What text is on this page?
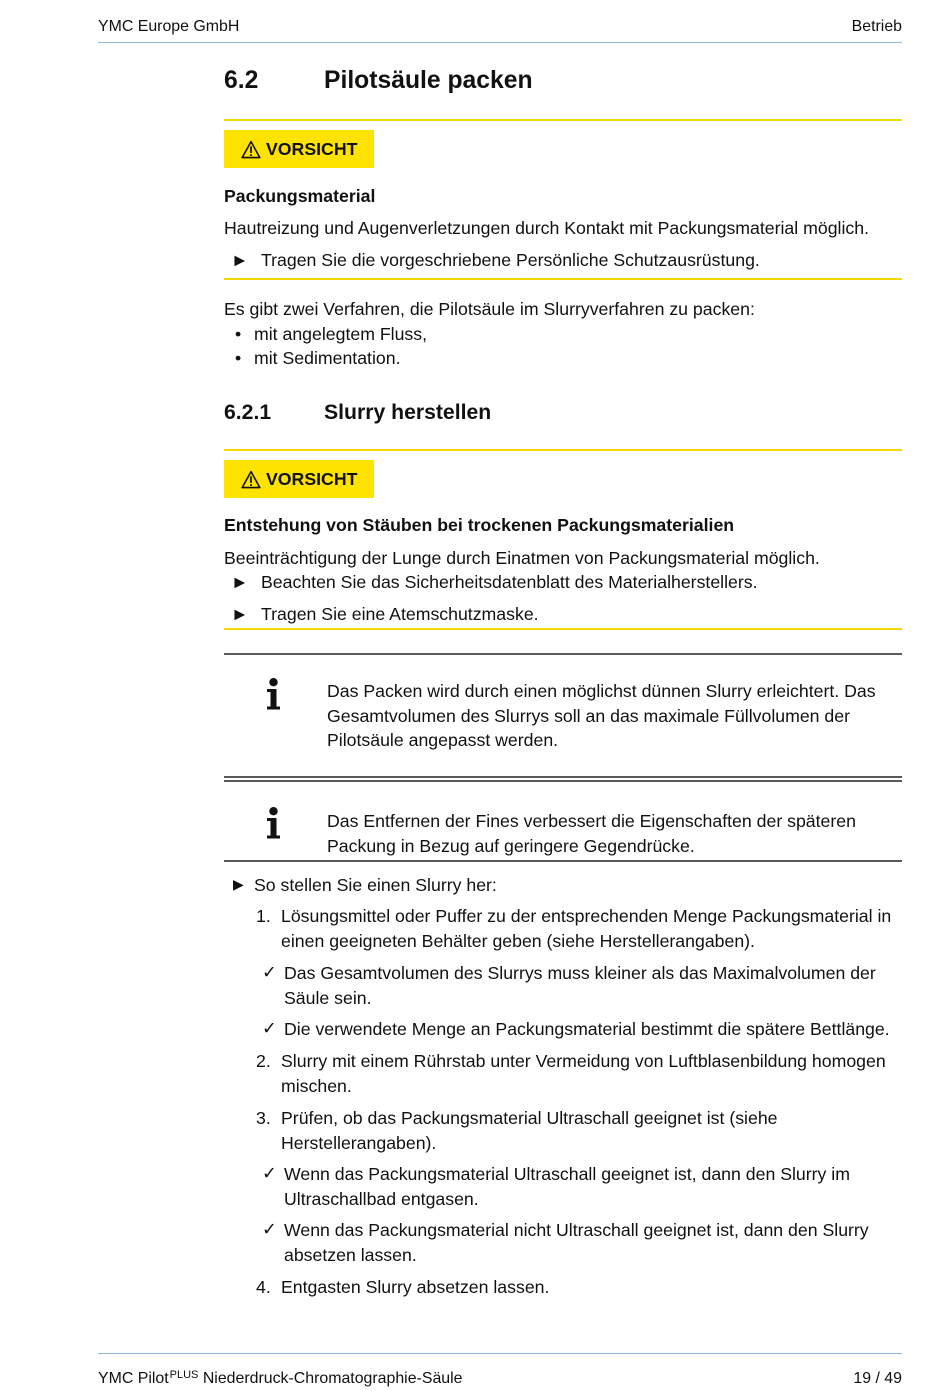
YMC Europe GmbH	Betrieb
6.2	Pilotsäule packen
VORSICHT
Packungsmaterial
Hautreizung und Augenverletzungen durch Kontakt mit Packungsmaterial möglich.
► Tragen Sie die vorgeschriebene Persönliche Schutzausrüstung.
Es gibt zwei Verfahren, die Pilotsäule im Slurryverfahren zu packen:
• mit angelegtem Fluss,
• mit Sedimentation.
6.2.1 Slurry herstellen
VORSICHT
Entstehung von Stäuben bei trockenen Packungsmaterialien
Beeinträchtigung der Lunge durch Einatmen von Packungsmaterial möglich.
► Beachten Sie das Sicherheitsdatenblatt des Materialherstellers.
► Tragen Sie eine Atemschutzmaske.
Das Packen wird durch einen möglichst dünnen Slurry erleichtert. Das
Gesamtvolumen des Slurrys soll an das maximale Füllvolumen der
Pilotsäule angepasst werden.
Das Entfernen der Fines verbessert die Eigenschaften der späteren
Packung in Bezug auf geringere Gegendrücke.
▶ So stellen Sie einen Slurry her:
1. Lösungsmittel oder Puffer zu der entsprechenden Menge Packungsmaterial in
einen geeigneten Behälter geben (siehe Herstellerangaben).
✓ Das Gesamtvolumen des Slurrys muss kleiner als das Maximalvolumen der
Säule sein.
✓ Die verwendete Menge an Packungsmaterial bestimmt die spätere Bettlänge.
2. Slurry mit einem Rührstab unter Vermeidung von Luftblasenbildung homogen
mischen.
3. Prüfen, ob das Packungsmaterial Ultraschall geeignet ist (siehe
Herstellerangaben).
✓ Wenn das Packungsmaterial Ultraschall geeignet ist, dann den Slurry im
Ultraschallbad entgasen.
✓ Wenn das Packungsmaterial nicht Ultraschall geeignet ist, dann den Slurry
absetzen lassen.
4. Entgasten Slurry absetzen lassen.
YMC Pilot$^{PLUS}$ Niederdruck-Chromatographie-Säule	19 / 49
